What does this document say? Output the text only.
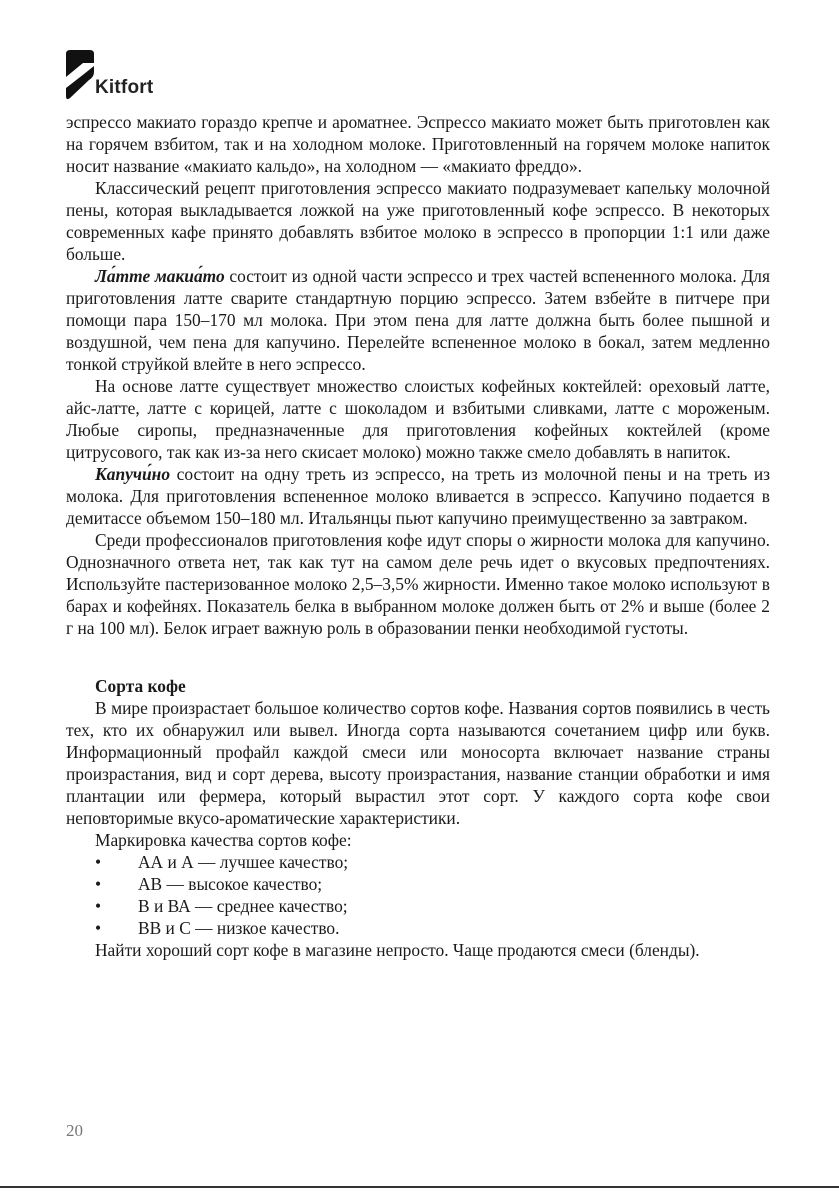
Kitfort

эспрессо макиато гораздо крепче и ароматнее. Эспрессо макиато может быть приготовлен как на горячем взбитом, так и на холодном молоке. Приготовленный на горячем молоке напиток носит название «макиато кальдо», на холодном — «макиато фреддо».

Классический рецепт приготовления эспрессо макиато подразумевает капельку молочной пены, которая выкладывается ложкой на уже приготовленный кофе эспрессо. В некоторых современных кафе принято добавлять взбитое молоко в эспрессо в пропорции 1:1 или даже больше.

Ла́тте макиа́то состоит из одной части эспрессо и трех частей вспененного молока. Для приготовления латте сварите стандартную порцию эспрессо. Затем взбейте в питчере при помощи пара 150–170 мл молока. При этом пена для латте должна быть более пышной и воздушной, чем пена для капучино. Перелейте вспененное молоко в бокал, затем медленно тонкой струйкой влейте в него эспрессо.

На основе латте существует множество слоистых кофейных коктейлей: ореховый латте, айс-латте, латте с корицей, латте с шоколадом и взбитыми сливками, латте с мороженым. Любые сиропы, предназначенные для приготовления кофейных коктейлей (кроме цитрусового, так как из-за него скисает молоко) можно также смело добавлять в напиток.

Капучи́но состоит на одну треть из эспрессо, на треть из молочной пены и на треть из молока. Для приготовления вспененное молоко вливается в эспрессо. Капучино подается в демитассе объемом 150–180 мл. Итальянцы пьют капучино преимущественно за завтраком.

Среди профессионалов приготовления кофе идут споры о жирности молока для капучино. Однозначного ответа нет, так как тут на самом деле речь идет о вкусовых предпочтениях. Используйте пастеризованное молоко 2,5–3,5% жирности. Именно такое молоко используют в барах и кофейнях. Показатель белка в выбранном молоке должен быть от 2% и выше (более 2 г на 100 мл). Белок играет важную роль в образовании пенки необходимой густоты.

Сорта кофе

В мире произрастает большое количество сортов кофе. Названия сортов появились в честь тех, кто их обнаружил или вывел. Иногда сорта называются сочетанием цифр или букв. Информационный профайл каждой смеси или моносорта включает название страны произрастания, вид и сорт дерева, высоту произрастания, название станции обработки и имя плантации или фермера, который вырастил этот сорт. У каждого сорта кофе свои неповторимые вкусо-ароматические характеристики.

Маркировка качества сортов кофе:

• АА и А — лучшее качество;
• АВ — высокое качество;
• В и ВА — среднее качество;
• ВВ и С — низкое качество.

Найти хороший сорт кофе в магазине непросто. Чаще продаются смеси (бленды).

20
